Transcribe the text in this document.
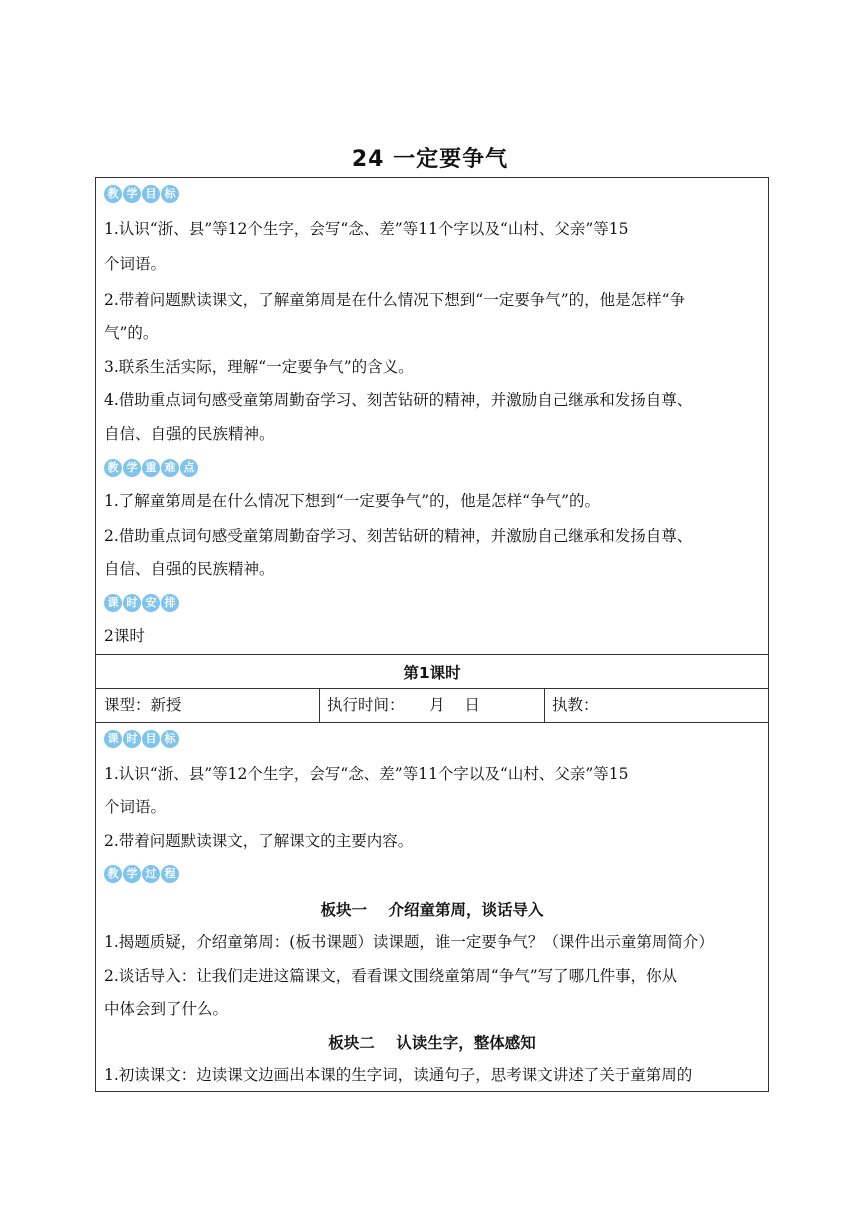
24 一定要争气
教 学 目 标
1.认识“浙、县”等12个生字，会写“念、差”等11个字以及“山村、父亲”等15
个词语。
2.带着问题默读课文，了解童第周是在什么情况下想到“一定要争气”的，他是怎样“争
气”的。
3.联系生活实际，理解“一定要争气”的含义。
4.借助重点词句感受童第周勤奋学习、刻苦钻研的精神，并激励自己继承和发扬自尊、
自信、自强的民族精神。
教 学 重 难 点
1.了解童第周是在什么情况下想到“一定要争气”的，他是怎样“争气”的。
2.借助重点词句感受童第周勤奋学习、刻苦钻研的精神，并激励自己继承和发扬自尊、
自信、自强的民族精神。
课 时 安 排
2课时
第1课时
课型：新授	执行时间：     月    日	执教：
课 时 目 标
1.认识“浙、县”等12个生字，会写“念、差”等11个字以及“山村、父亲”等15
个词语。
2.带着问题默读课文，了解课文的主要内容。
教 学 过 程
板块一    介绍童第周，谈话导入
1.揭题质疑，介绍童第周：(板书课题）读课题，谁一定要争气？（课件出示童第周简介）
2.谈话导入：让我们走进这篇课文，看看课文围绕童第周“争气”写了哪几件事，你从
中体会到了什么。
板块二    认读生字，整体感知
1.初读课文：边读课文边画出本课的生字词，读通句子，思考课文讲述了关于童第周的
